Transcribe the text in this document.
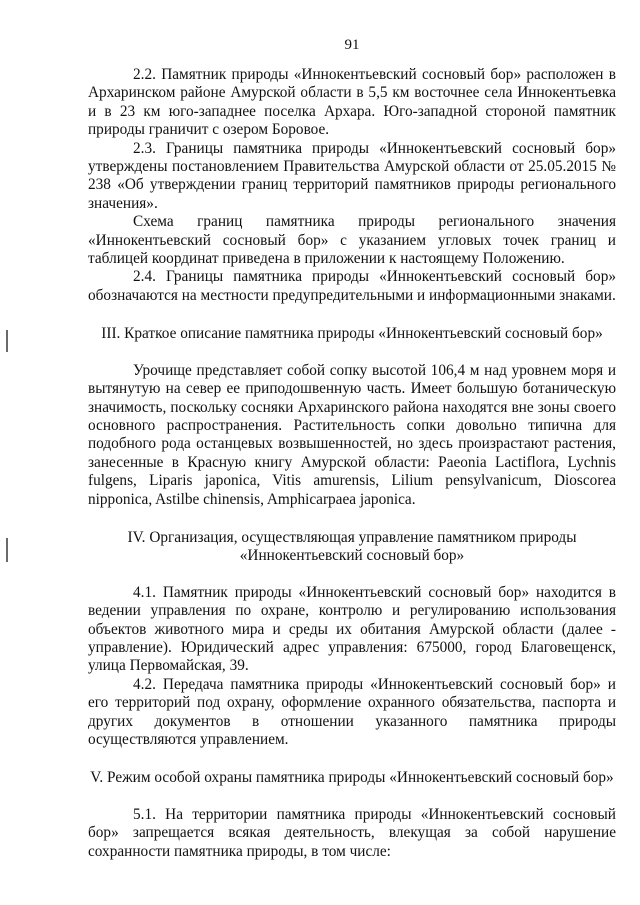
91

2.2. Памятник природы «Иннокентьевский сосновый бор» расположен в Архаринском районе Амурской области в 5,5 км восточнее села Иннокентьевка и в 23 км юго-западнее поселка Архара. Юго-западной стороной памятник природы граничит с озером Боровое.

2.3. Границы памятника природы «Иннокентьевский сосновый бор» утверждены постановлением Правительства Амурской области от 25.05.2015 № 238 «Об утверждении границ территорий памятников природы регионального значения».

Схема границ памятника природы регионального значения «Иннокентьевский сосновый бор» с указанием угловых точек границ и таблицей координат приведена в приложении к настоящему Положению.

2.4. Границы памятника природы «Иннокентьевский сосновый бор» обозначаются на местности предупредительными и информационными знаками.

III. Краткое описание памятника природы «Иннокентьевский сосновый бор»

Урочище представляет собой сопку высотой 106,4 м над уровнем моря и вытянутую на север ее приподошвенную часть. Имеет большую ботаническую значимость, поскольку сосняки Архаринского района находятся вне зоны своего основного распространения. Растительность сопки довольно типична для подобного рода останцевых возвышенностей, но здесь произрастают растения, занесенные в Красную книгу Амурской области: Paeonia Lactiflora, Lychnis fulgens, Liparis japonica, Vitis amurensis, Lilium pensylvanicum, Dioscorea nipponica, Astilbe chinensis, Amphicarpaea japonica.

IV. Организация, осуществляющая управление памятником природы

«Иннокентьевский сосновый бор»

4.1. Памятник природы «Иннокентьевский сосновый бор» находится в ведении управления по охране, контролю и регулированию использования объектов животного мира и среды их обитания Амурской области (далее - управление). Юридический адрес управления: 675000, город Благовещенск, улица Первомайская, 39.

4.2. Передача памятника природы «Иннокентьевский сосновый бор» и его территорий под охрану, оформление охранного обязательства, паспорта и других документов в отношении указанного памятника природы осуществляются управлением.

V. Режим особой охраны памятника природы «Иннокентьевский сосновый бор»

5.1. На территории памятника природы «Иннокентьевский сосновый бор» запрещается всякая деятельность, влекущая за собой нарушение сохранности памятника природы, в том числе:
